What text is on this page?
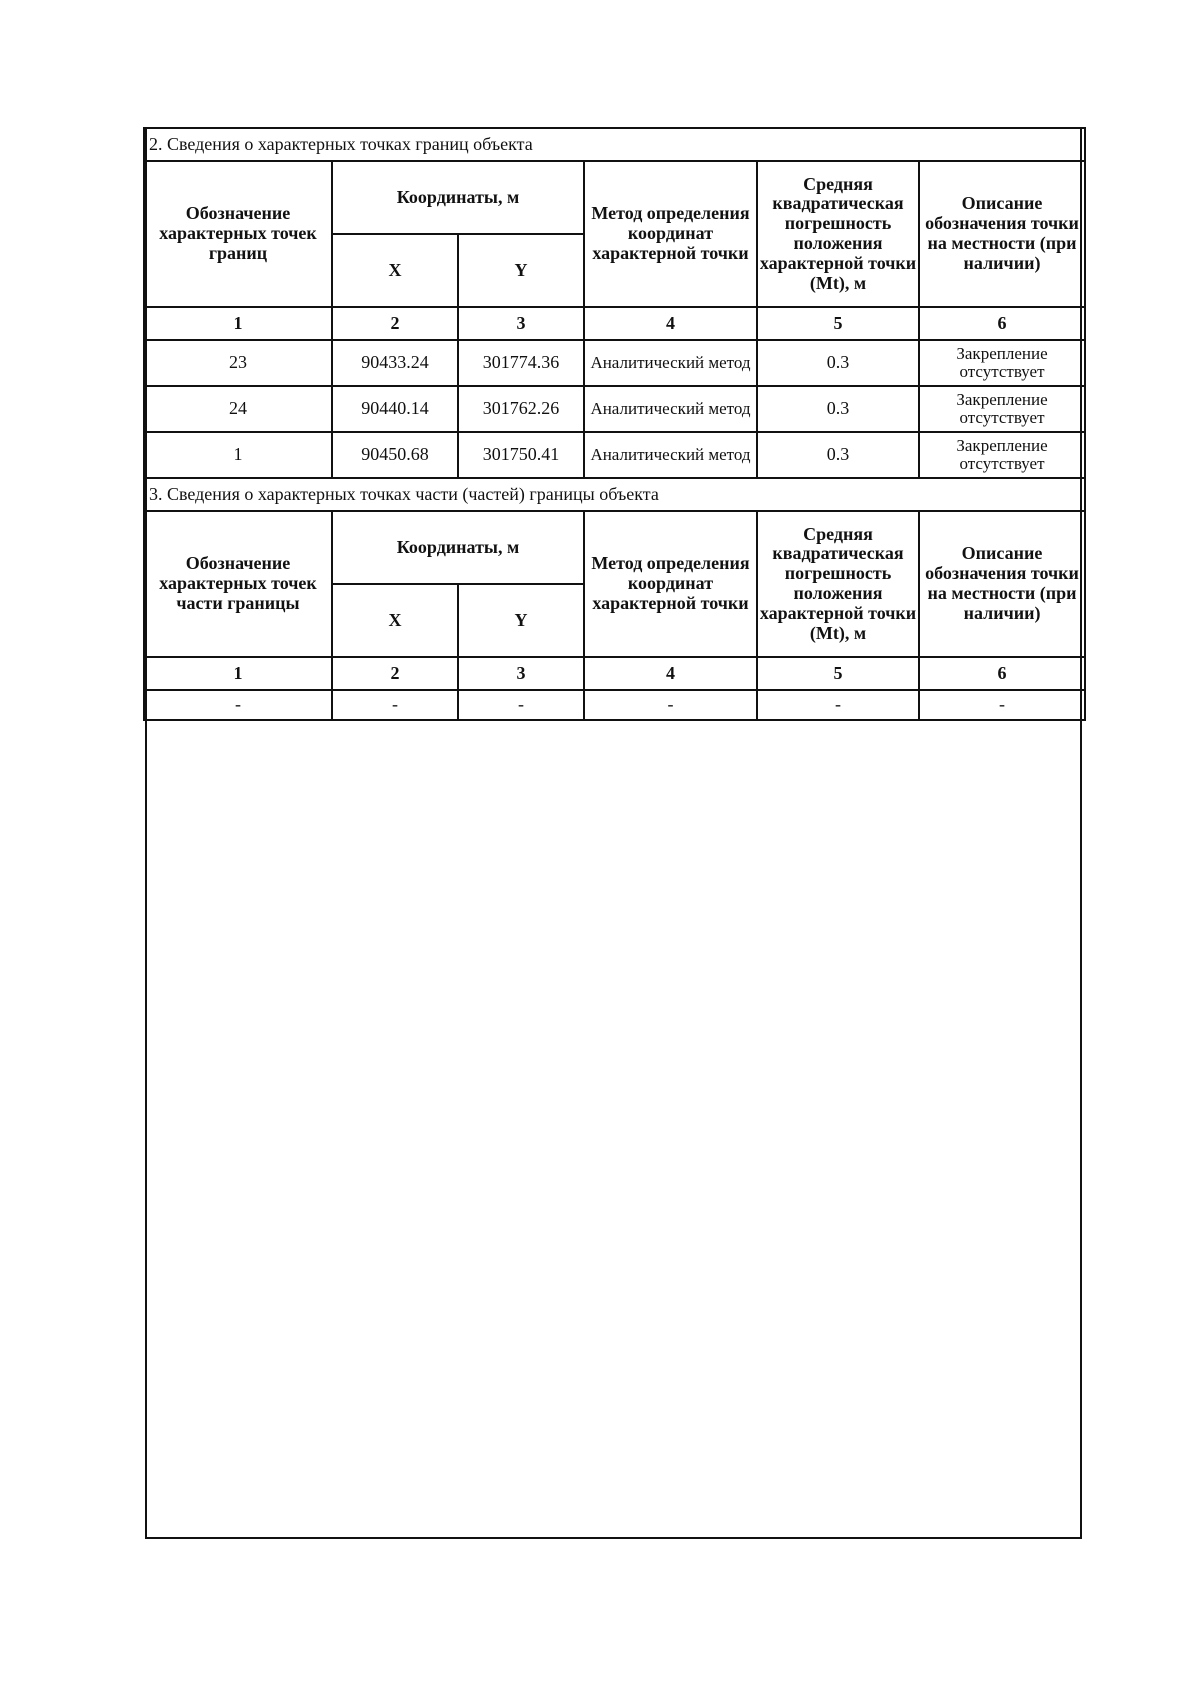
2. Сведения о характерных точках границ объекта					
Обозначение характерных точек границ	Координаты, м		Метод определения координат характерной точки	Средняя квадратическая погрешность положения характерной точки (Mt), м	Описание обозначения точки на местности (при наличии)
	X	Y			
1	2	3	4	5	6
23	90433.24	301774.36	Аналитический метод	0.3	Закрепление отсутствует
24	90440.14	301762.26	Аналитический метод	0.3	Закрепление отсутствует
1	90450.68	301750.41	Аналитический метод	0.3	Закрепление отсутствует
3. Сведения о характерных точках части (частей) границы объекта					
Обозначение характерных точек части границы	Координаты, м		Метод определения координат характерной точки	Средняя квадратическая погрешность положения характерной точки (Mt), м	Описание обозначения точки на местности (при наличии)
	X	Y			
1	2	3	4	5	6
-	-	-	-	-	-
